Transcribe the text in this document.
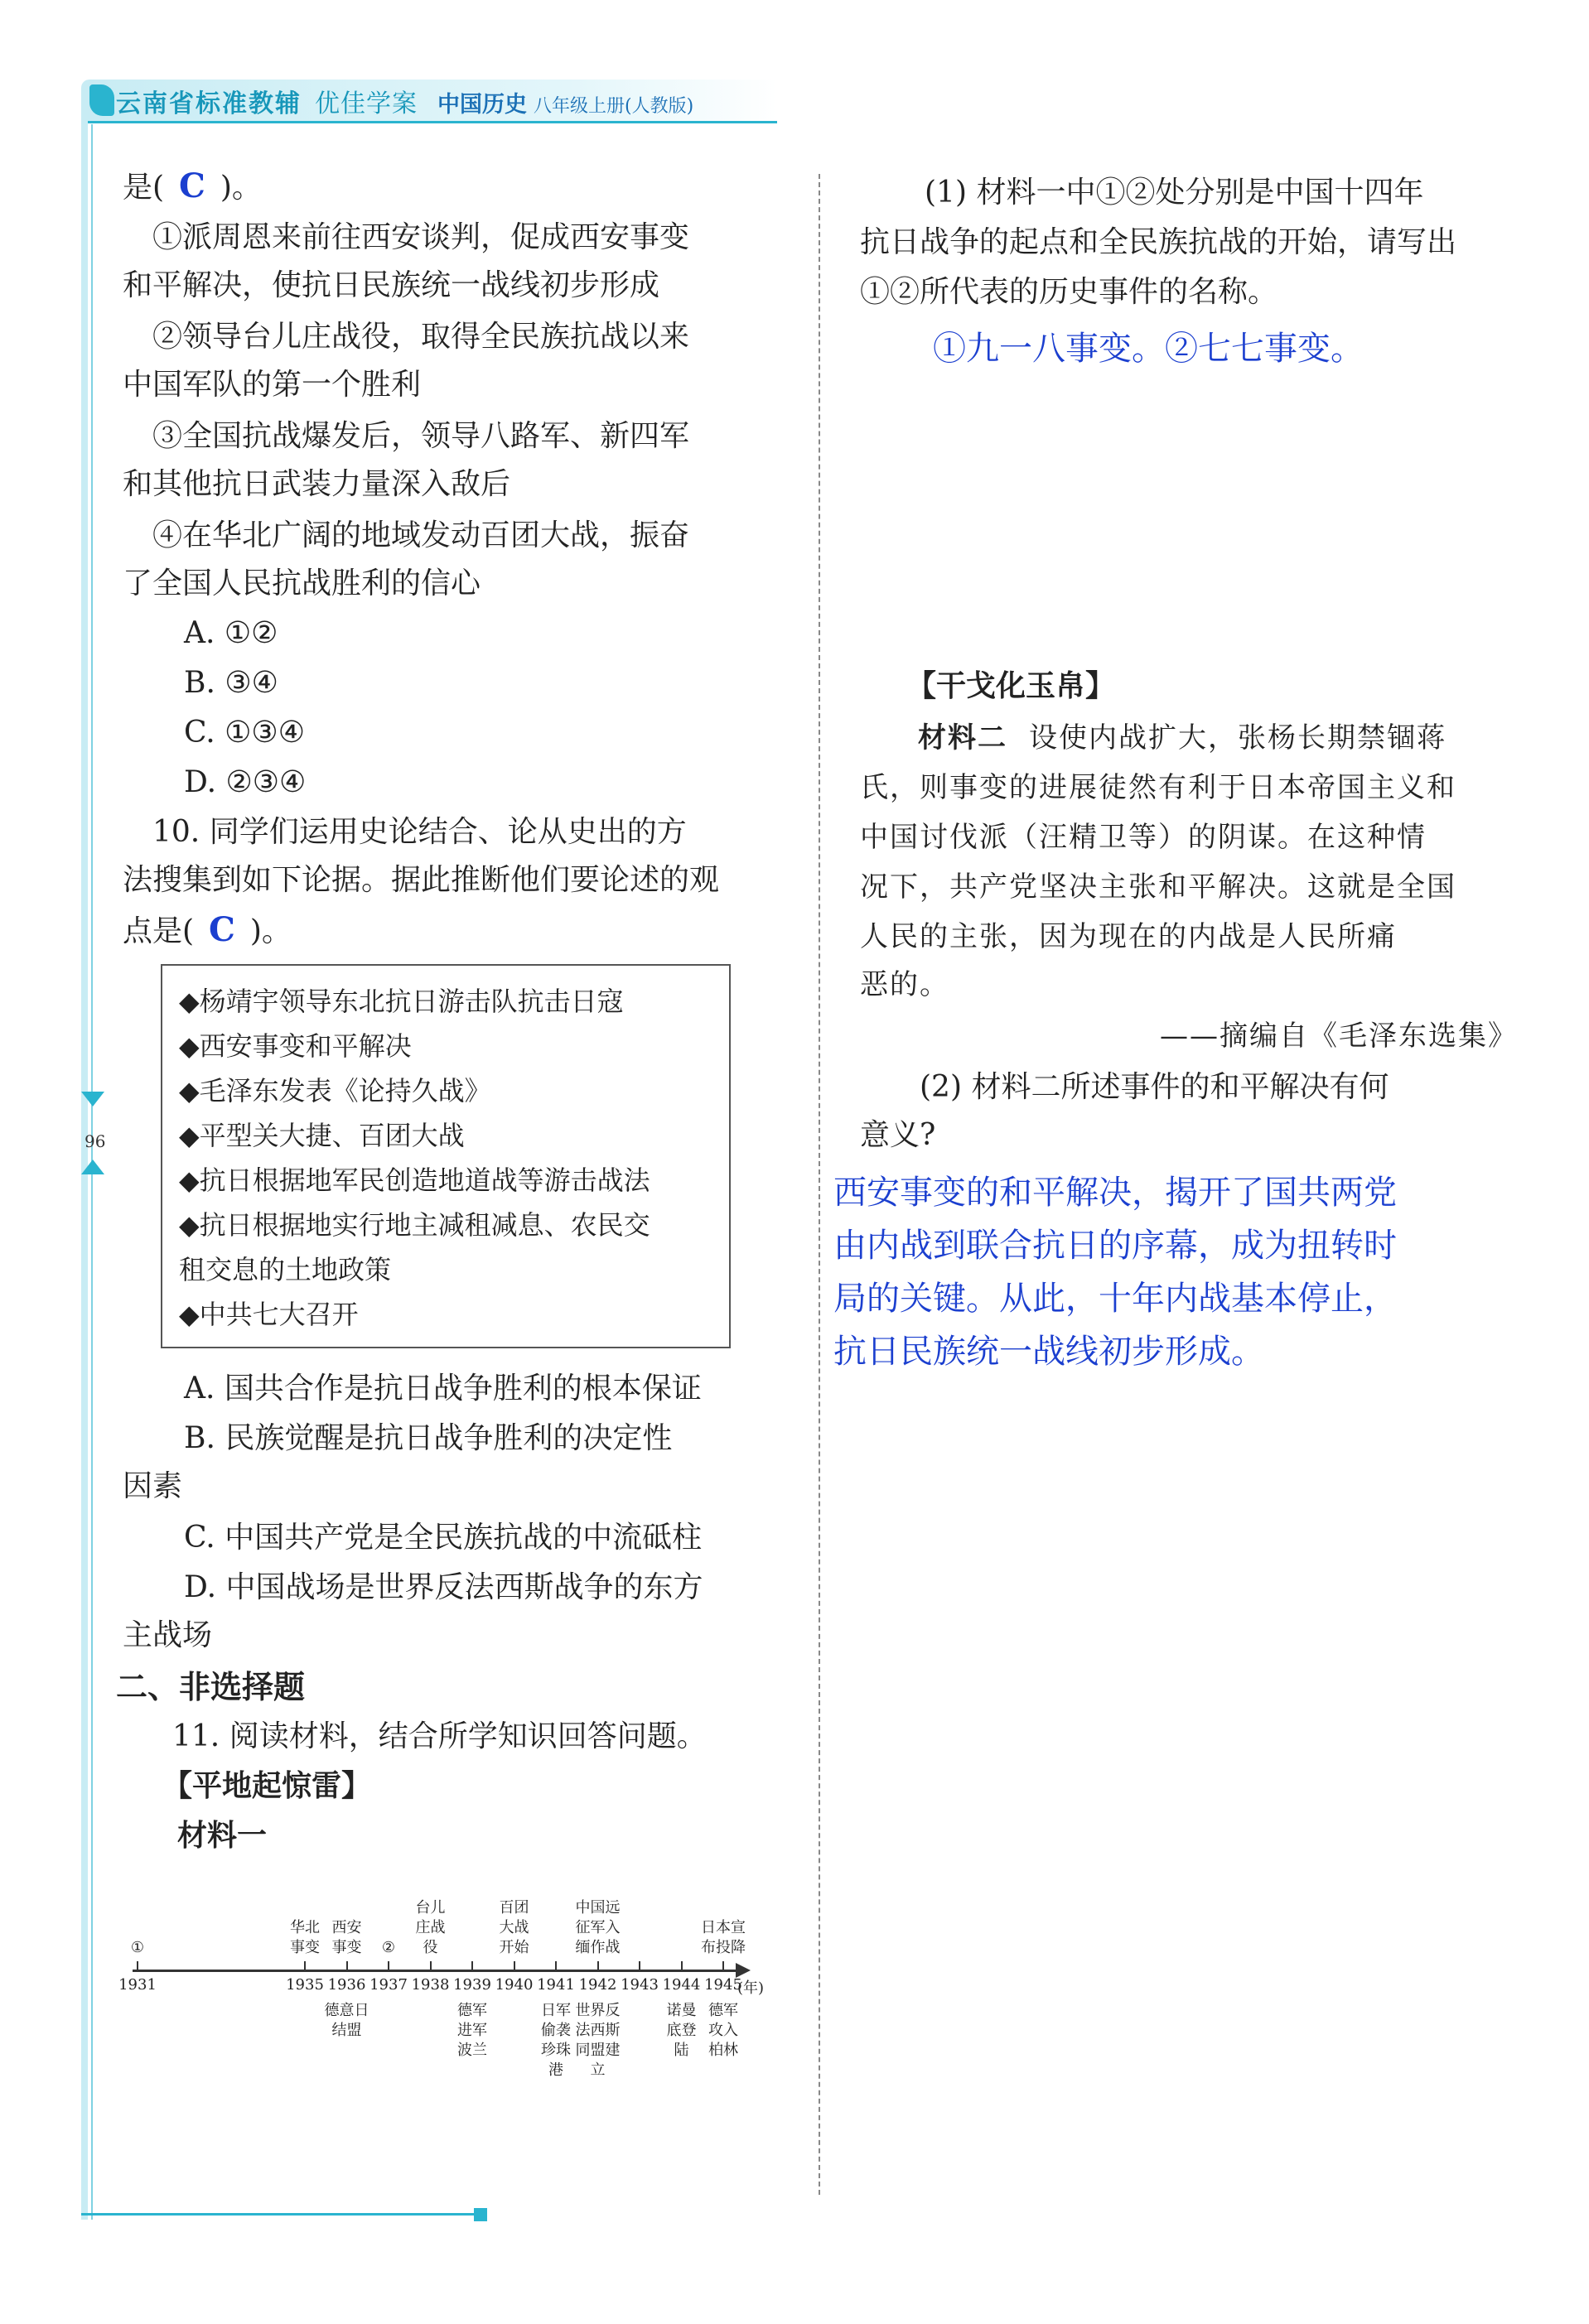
云南省标准教辅 优佳学案 中国历史 八年级上册(人教版)
96
是( C )。
①派周恩来前往西安谈判，促成西安事变
和平解决，使抗日民族统一战线初步形成
②领导台儿庄战役，取得全民族抗战以来
中国军队的第一个胜利
③全国抗战爆发后，领导八路军、新四军
和其他抗日武装力量深入敌后
④在华北广阔的地域发动百团大战，振奋
了全国人民抗战胜利的信心
A. ①②
B. ③④
C. ①③④
D. ②③④
10. 同学们运用史论结合、论从史出的方
法搜集到如下论据。据此推断他们要论述的观
点是( C )。
◆杨靖宇领导东北抗日游击队抗击日寇
◆西安事变和平解决
◆毛泽东发表《论持久战》
◆平型关大捷、百团大战
◆抗日根据地军民创造地道战等游击战法
◆抗日根据地实行地主减租减息、农民交
租交息的土地政策
◆中共七大召开
A. 国共合作是抗日战争胜利的根本保证
B. 民族觉醒是抗日战争胜利的决定性
因素
C. 中国共产党是全民族抗战的中流砥柱
D. 中国战场是世界反法西斯战争的东方
主战场
二、非选择题
11. 阅读材料，结合所学知识回答问题。
【平地起惊雷】
材料一
(年)
1931	1935 1936 1937 1938 1939 1940 1941 1942 1943 1944 1945
①
华北
事变
西安
事变 ②
台儿
庄战
役
百团
大战
开始
中国远
征军入
缅作战
日本宣
布投降
德意日
结盟
德军
进军
波兰
日军
偷袭
珍珠
港
世界反
法西斯
同盟建
立
诺曼
底登
陆
德军
攻入
柏林
(1) 材料一中①②处分别是中国十四年
抗日战争的起点和全民族抗战的开始，请写出
①②所代表的历史事件的名称。
①九一八事变。②七七事变。
【干戈化玉帛】
材料二 设使内战扩大，张杨长期禁锢蒋
氏，则事变的进展徒然有利于日本帝国主义和
中国讨伐派（汪精卫等）的阴谋。在这种情
况下，共产党坚决主张和平解决。这就是全国
人民的主张，因为现在的内战是人民所痛
恶的。
——摘编自《毛泽东选集》
(2) 材料二所述事件的和平解决有何
意义?
西安事变的和平解决，揭开了国共两党
由内战到联合抗日的序幕，成为扭转时
局的关键。从此，十年内战基本停止，
抗日民族统一战线初步形成。
